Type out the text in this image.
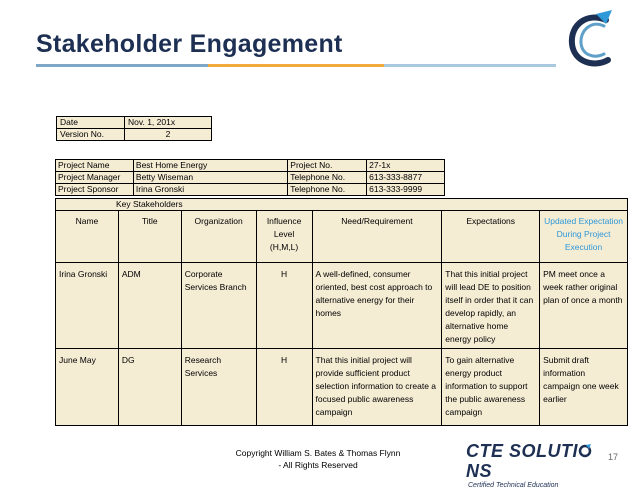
Stakeholder Engagement
Date	Nov. 1, 201x
Version No.	2
Project Name	Best Home Energy	Project No.	27-1x
Project Manager	Betty Wiseman	Telephone No.	613-333-8877
Project Sponsor	Irina Gronski	Telephone No.	613-333-9999
Key Stakeholders						
Name	Title	Organization	Influence Level (H,M,L)	Need/Requirement	Expectations	Updated Expectation During Project Execution
Irina Gronski	ADM	Corporate Services Branch	H	A well-defined, consumer oriented, best cost approach to alternative energy for their homes	That this initial project will lead DE to position itself in order that it can develop rapidly, an alternative home energy policy	PM meet once a week rather original plan of once a month
June May	DG	Research Services	H	That this initial project will provide sufficient product selection information to create a focused public awareness campaign	To gain alternative energy product information to support the public awareness campaign	Submit draft information campaign one week earlier
Copyright William S. Bates & Thomas Flynn
- All Rights Reserved
CTE SOLUTINS
Certified Technical Education
17
